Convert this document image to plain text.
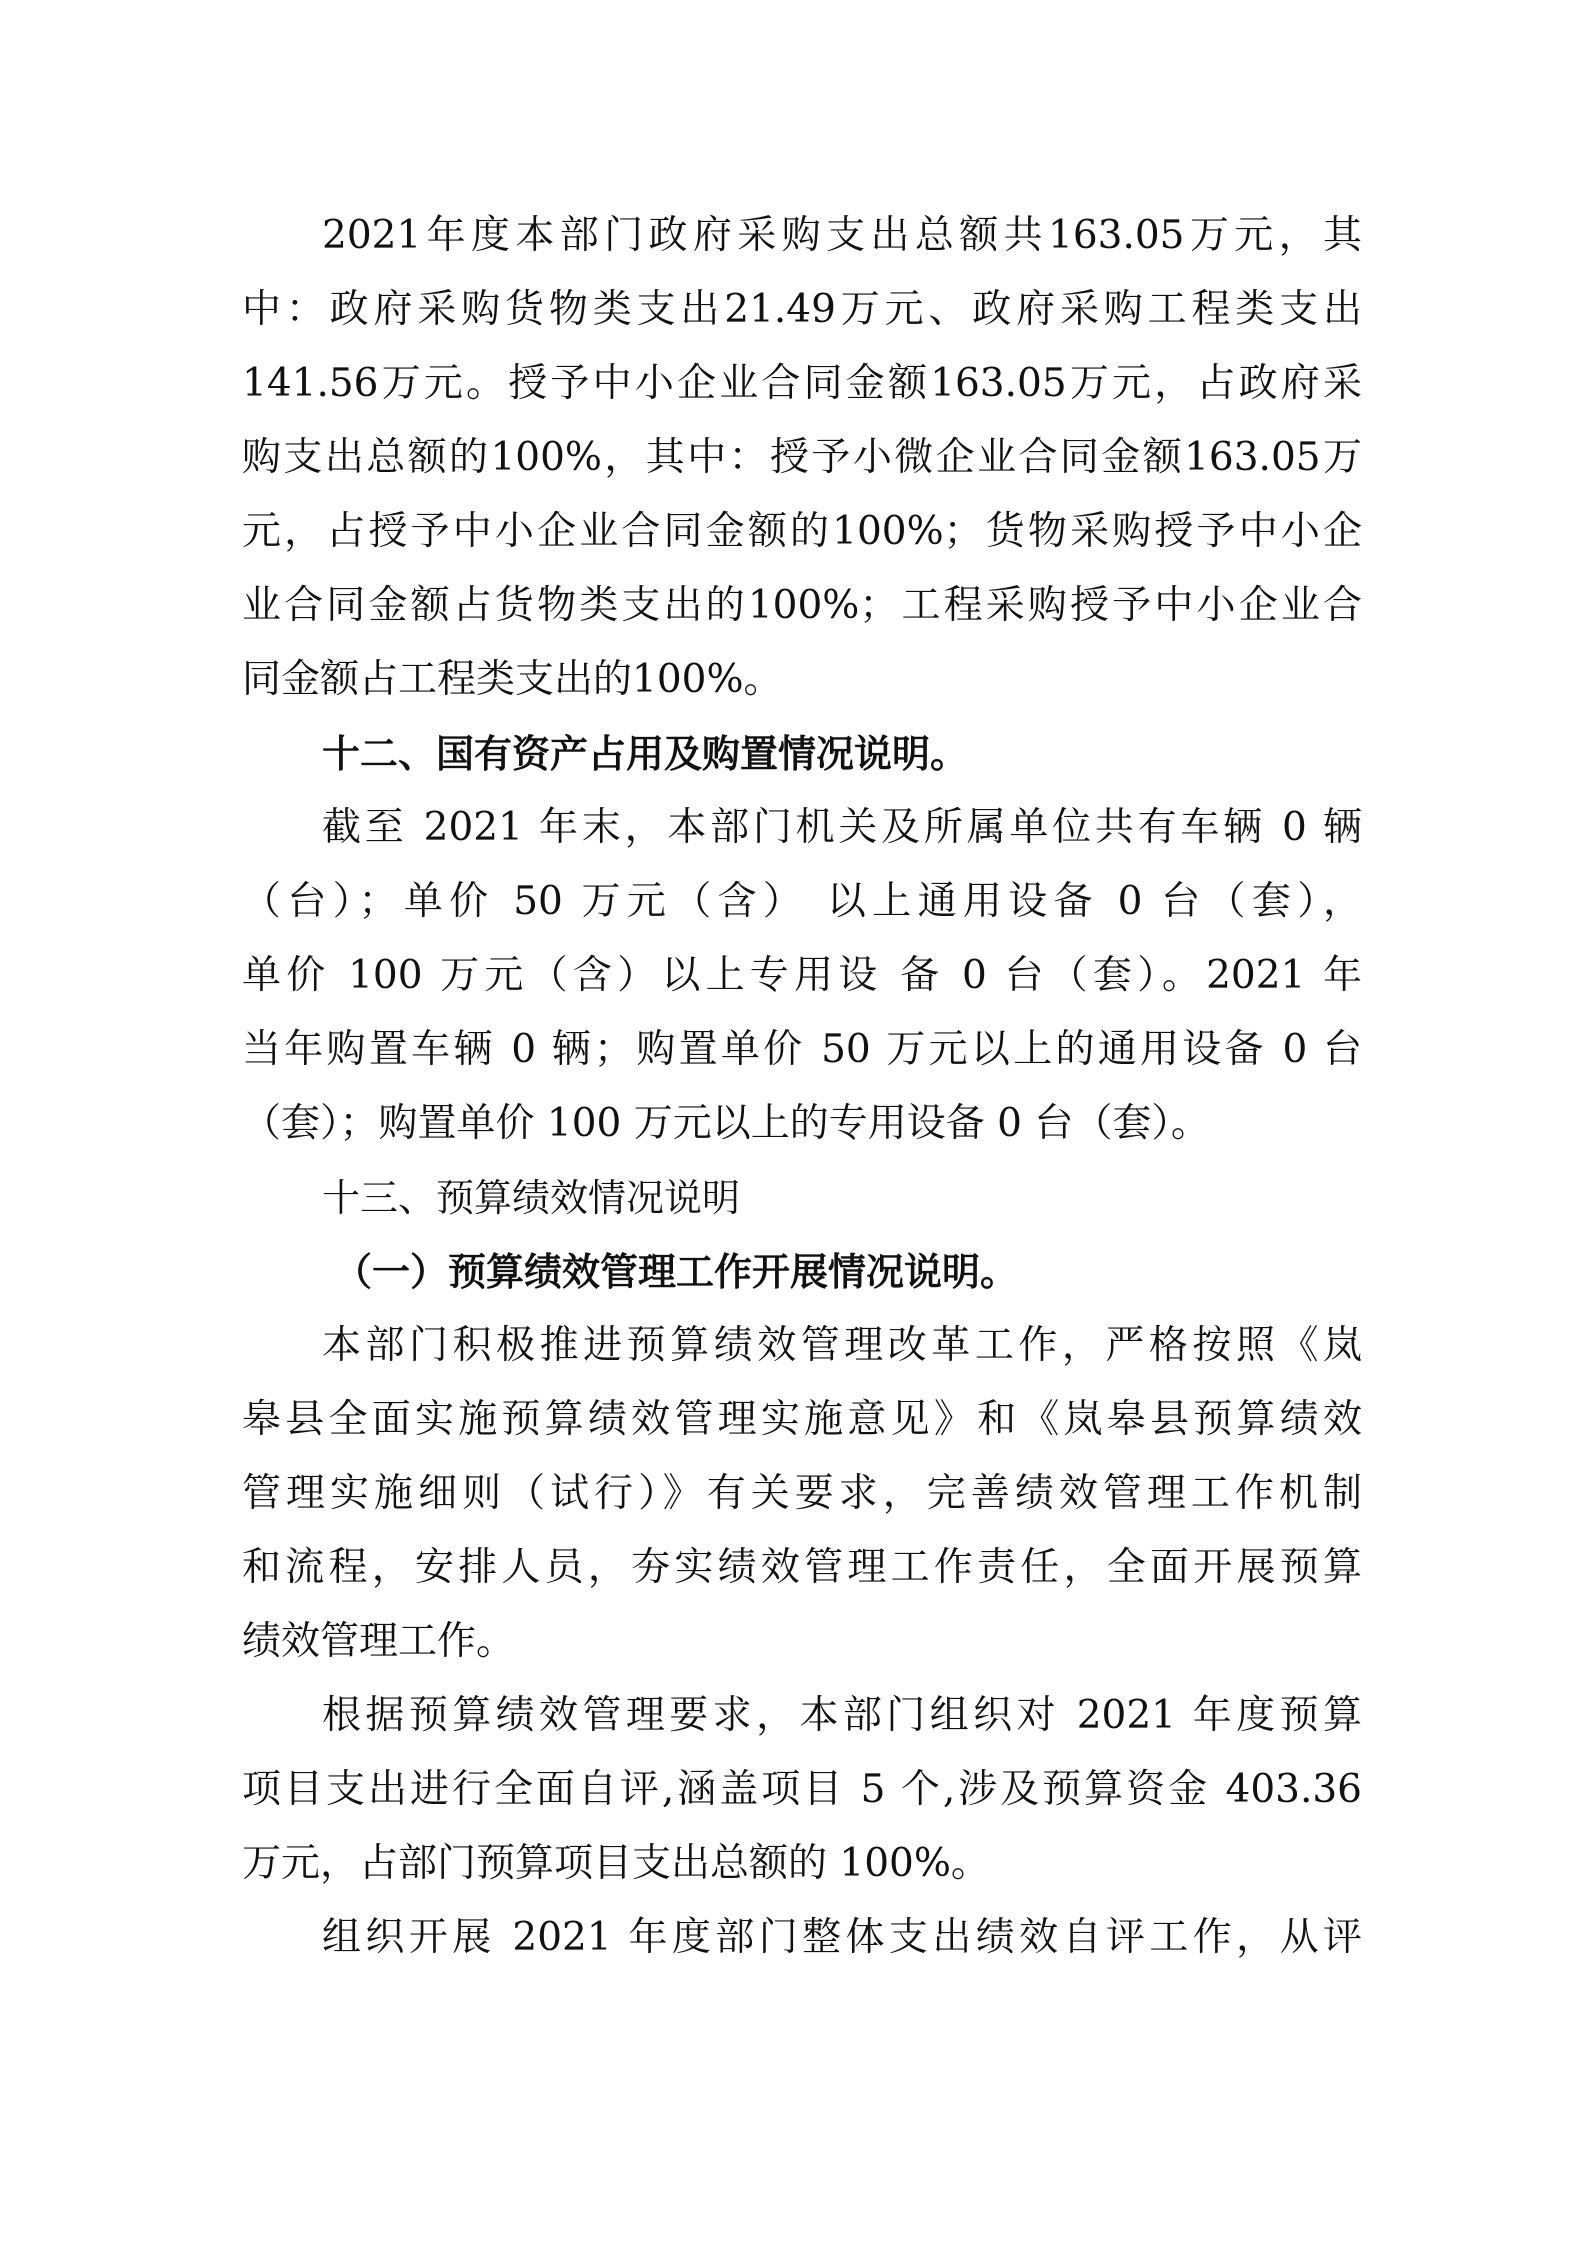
2021年度本部门政府采购支出总额共163.05万元，其
中：政府采购货物类支出21.49万元、政府采购工程类支出
141.56万元。授予中小企业合同金额163.05万元，占政府采
购支出总额的100%，其中：授予小微企业合同金额163.05万
元，占授予中小企业合同金额的100%；货物采购授予中小企
业合同金额占货物类支出的100%；工程采购授予中小企业合
同金额占工程类支出的100%。
十二、国有资产占用及购置情况说明。
截至 2021 年末，本部门机关及所属单位共有车辆 0 辆
（台）；单价 50 万元（含） 以上通用设备 0 台（套），
单价 100 万元（含）以上专用设 备 0 台（套）。2021 年
当年购置车辆 0 辆；购置单价 50 万元以上的通用设备 0 台
（套）；购置单价 100 万元以上的专用设备 0 台（套）。
十三、预算绩效情况说明
（一）预算绩效管理工作开展情况说明。
本部门积极推进预算绩效管理改革工作，严格按照《岚
皋县全面实施预算绩效管理实施意见》和《岚皋县预算绩效
管理实施细则（试行）》有关要求，完善绩效管理工作机制
和流程，安排人员，夯实绩效管理工作责任，全面开展预算
绩效管理工作。
根据预算绩效管理要求，本部门组织对 2021 年度预算
项目支出进行全面自评,涵盖项目 5 个,涉及预算资金 403.36
万元，占部门预算项目支出总额的 100%。
组织开展 2021 年度部门整体支出绩效自评工作，从评
